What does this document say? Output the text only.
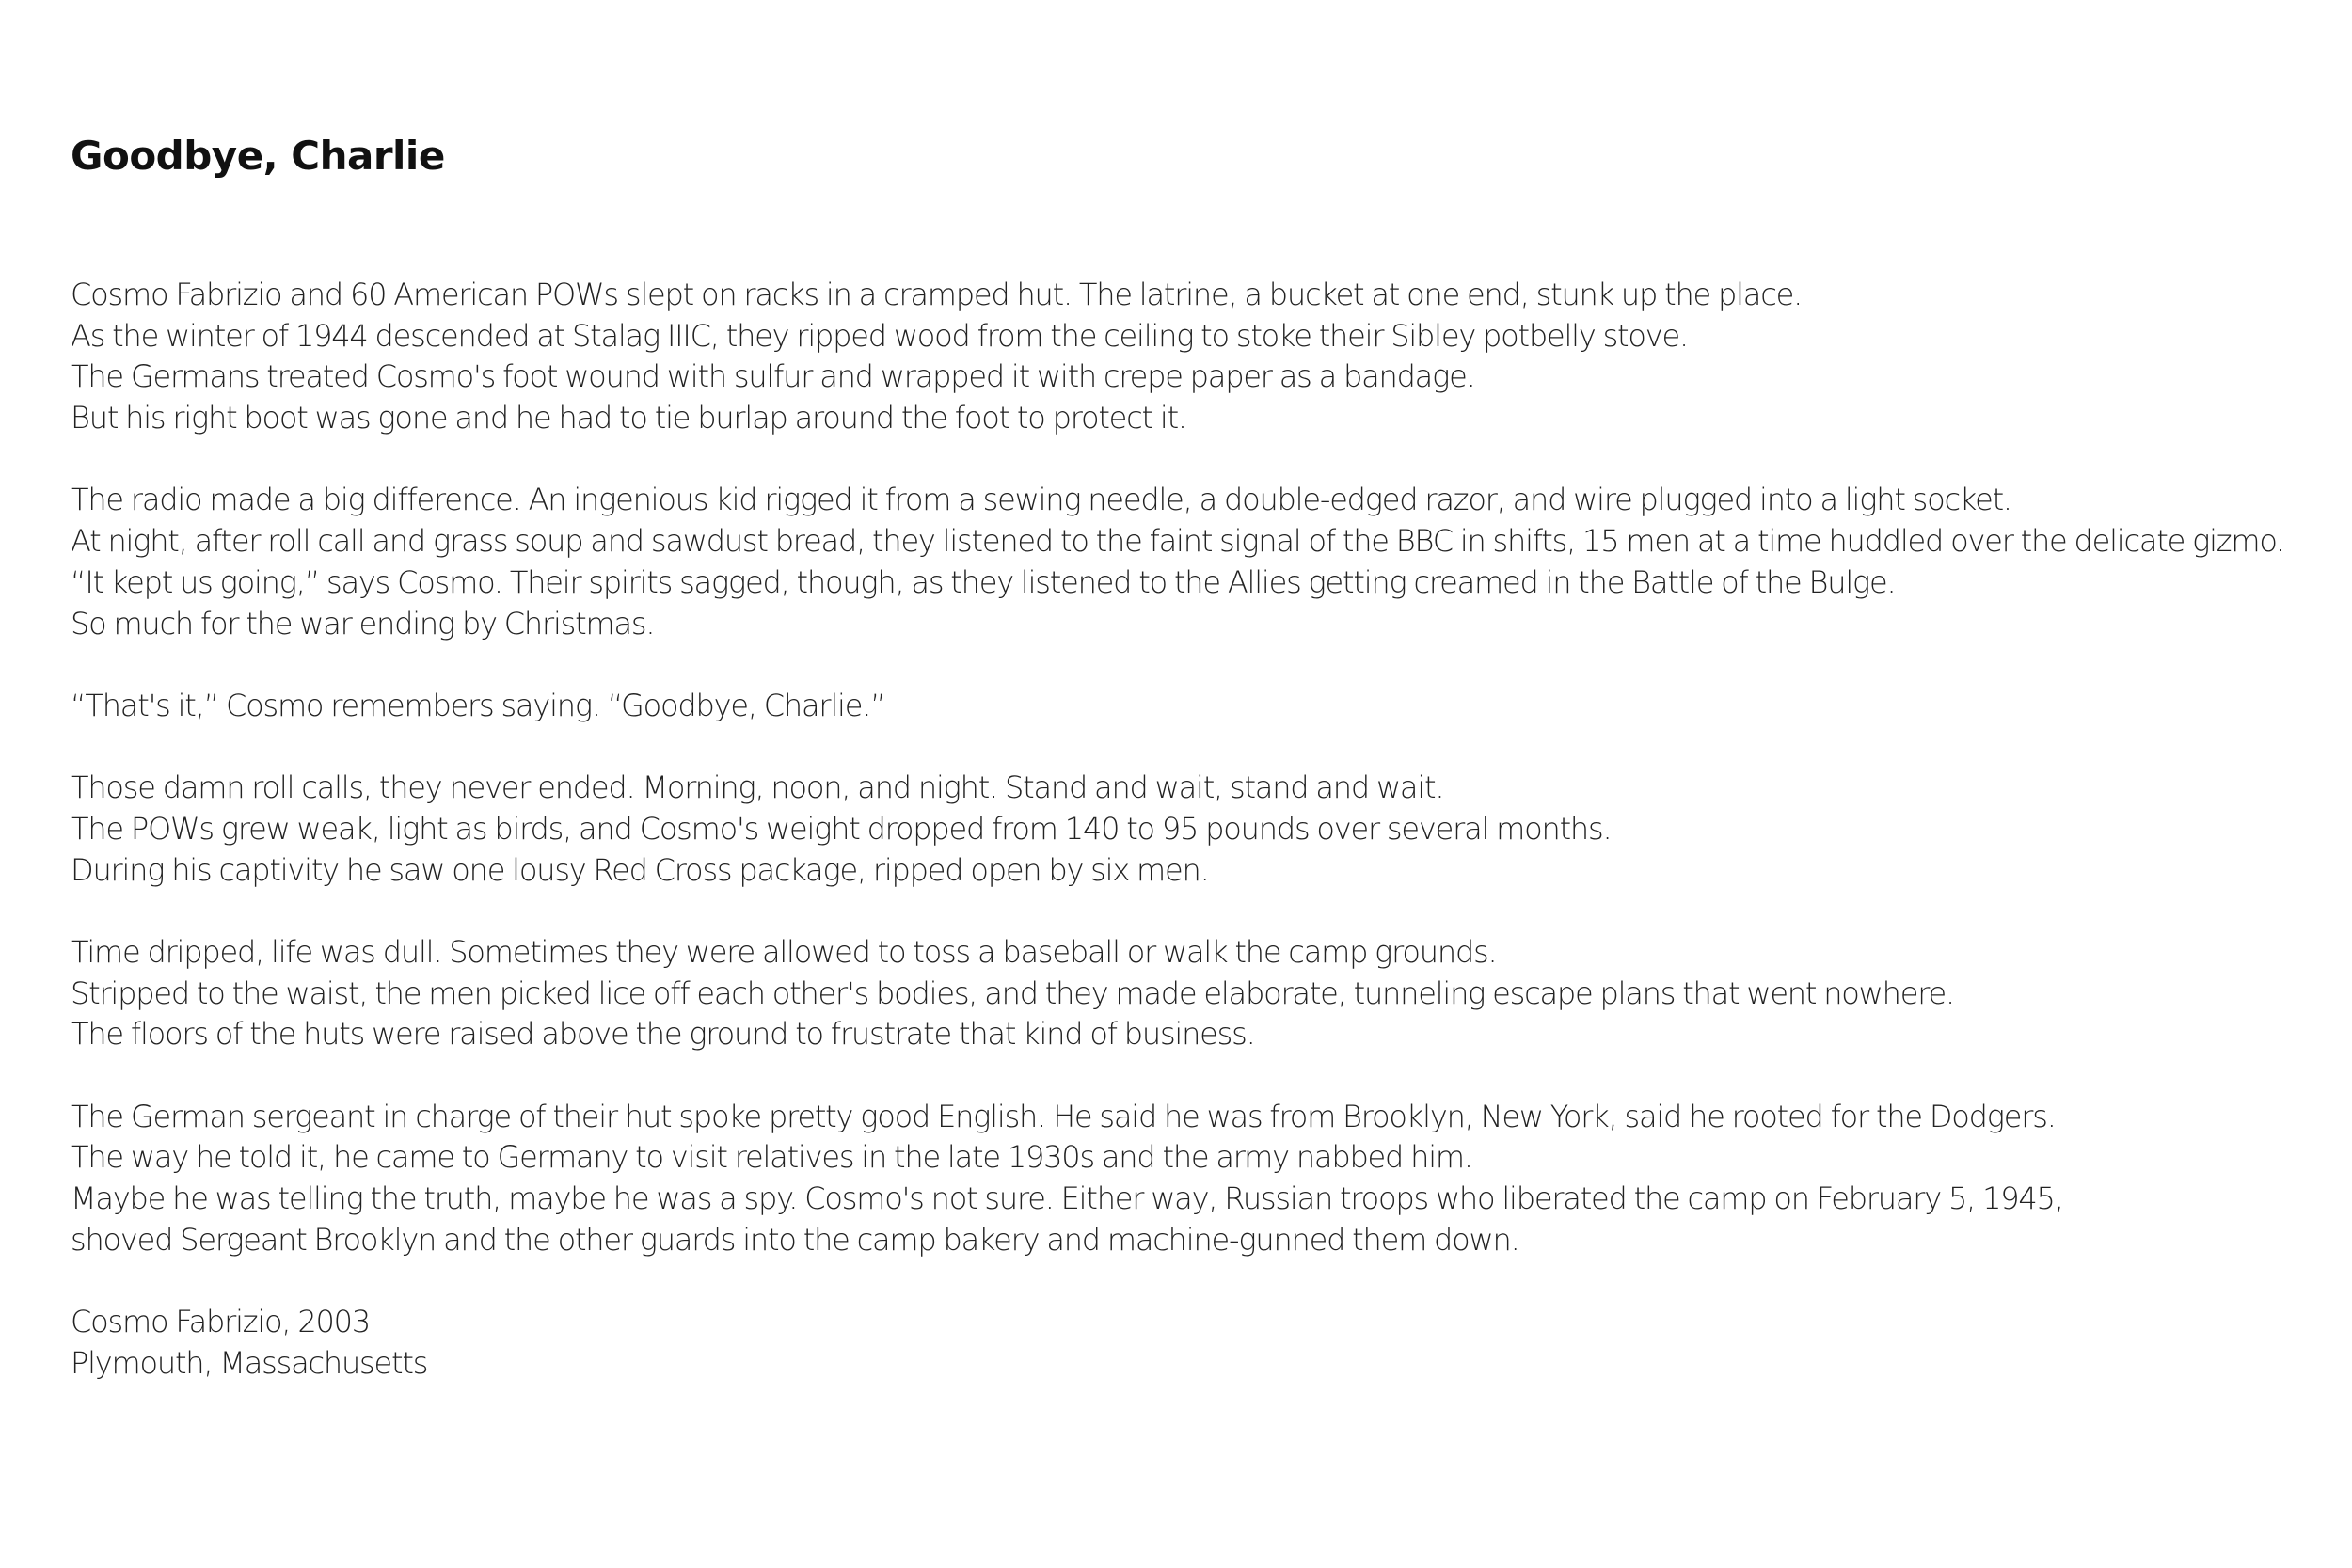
Goodbye, Charlie
Cosmo Fabrizio and 60 American POWs slept on racks in a cramped hut. The latrine, a bucket at one end, stunk up the place.
As the winter of 1944 descended at Stalag IIIC, they ripped wood from the ceiling to stoke their Sibley potbelly stove.
The Germans treated Cosmo's foot wound with sulfur and wrapped it with crepe paper as a bandage.
But his right boot was gone and he had to tie burlap around the foot to protect it.
The radio made a big difference. An ingenious kid rigged it from a sewing needle, a double-edged razor, and wire plugged into a light socket.
At night, after roll call and grass soup and sawdust bread, they listened to the faint signal of the BBC in shifts, 15 men at a time huddled over the delicate gizmo.
“It kept us going,” says Cosmo. Their spirits sagged, though, as they listened to the Allies getting creamed in the Battle of the Bulge.
So much for the war ending by Christmas.
“That's it,” Cosmo remembers saying. “Goodbye, Charlie.”
Those damn roll calls, they never ended. Morning, noon, and night. Stand and wait, stand and wait.
The POWs grew weak, light as birds, and Cosmo's weight dropped from 140 to 95 pounds over several months.
During his captivity he saw one lousy Red Cross package, ripped open by six men.
Time dripped, life was dull. Sometimes they were allowed to toss a baseball or walk the camp grounds.
Stripped to the waist, the men picked lice off each other's bodies, and they made elaborate, tunneling escape plans that went nowhere.
The floors of the huts were raised above the ground to frustrate that kind of business.
The German sergeant in charge of their hut spoke pretty good English. He said he was from Brooklyn, New York, said he rooted for the Dodgers.
The way he told it, he came to Germany to visit relatives in the late 1930s and the army nabbed him.
Maybe he was telling the truth, maybe he was a spy. Cosmo's not sure. Either way, Russian troops who liberated the camp on February 5, 1945,
shoved Sergeant Brooklyn and the other guards into the camp bakery and machine-gunned them down.
Cosmo Fabrizio, 2003
Plymouth, Massachusetts
